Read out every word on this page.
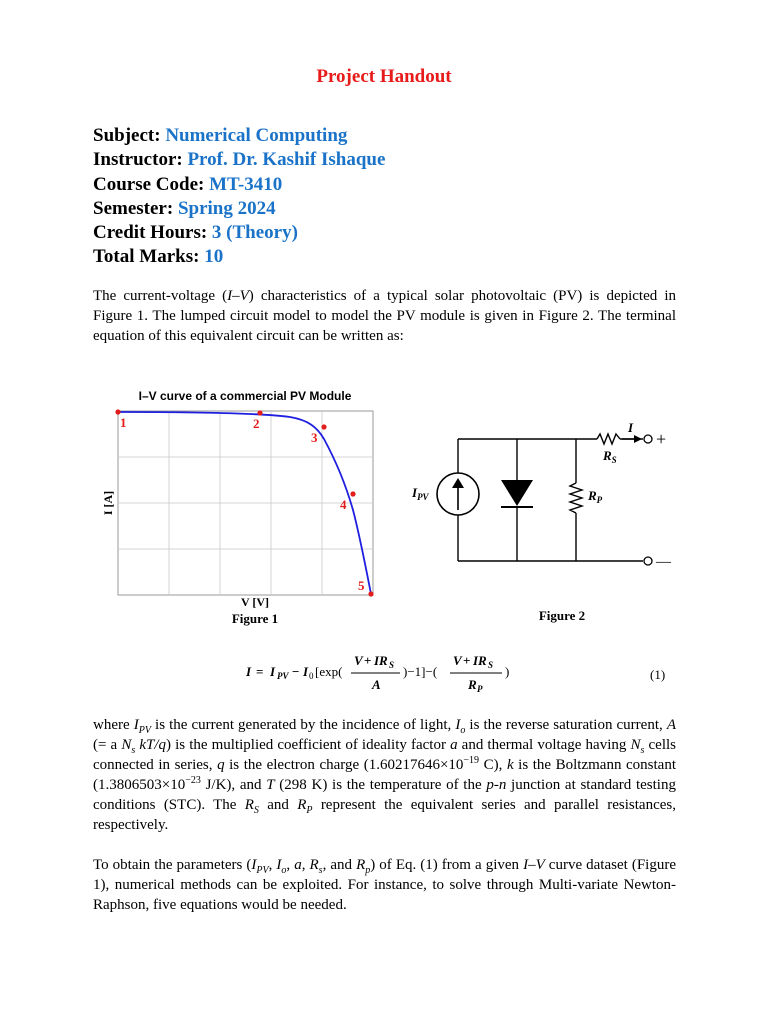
Project Handout
Subject: Numerical Computing
Instructor: Prof. Dr. Kashif Ishaque
Course Code: MT-3410
Semester: Spring 2024
Credit Hours: 3 (Theory)
Total Marks: 10
The current-voltage (I–V) characteristics of a typical solar photovoltaic (PV) is depicted in Figure 1. The lumped circuit model to model the PV module is given in Figure 2. The terminal equation of this equivalent circuit can be written as:
I–V curve of a commercial PV Module
1	2
3
4
5
I [A]
V [V]
Figure 1
$I_{PV}$	$R_P$
$R_S$
I
+
—
Figure 2
I = I PV − I 0 [exp(
V + IR S
A
)−1]−(
V + IR S
R P
)	(1)
where $I_{PV}$ is the current generated by the incidence of light, $I_o$ is the reverse saturation current, A (= a $N_s$ kT/q) is the multiplied coefficient of ideality factor a and thermal voltage having $N_s$ cells connected in series, q is the electron charge ($1.60217646\times 10^{-19}$ C), k is the Boltzmann constant ($1.3806503\times 10^{-23}$ J/K), and T (298 K) is the temperature of the p-n junction at standard testing conditions (STC). The $R_S$ and $R_P$ represent the equivalent series and parallel resistances, respectively.
To obtain the parameters ($I_{PV}$, $I_o$, a, $R_s$, and $R_p$) of Eq. (1) from a given I–V curve dataset (Figure 1), numerical methods can be exploited. For instance, to solve through Multi-variate Newton-Raphson, five equations would be needed.
